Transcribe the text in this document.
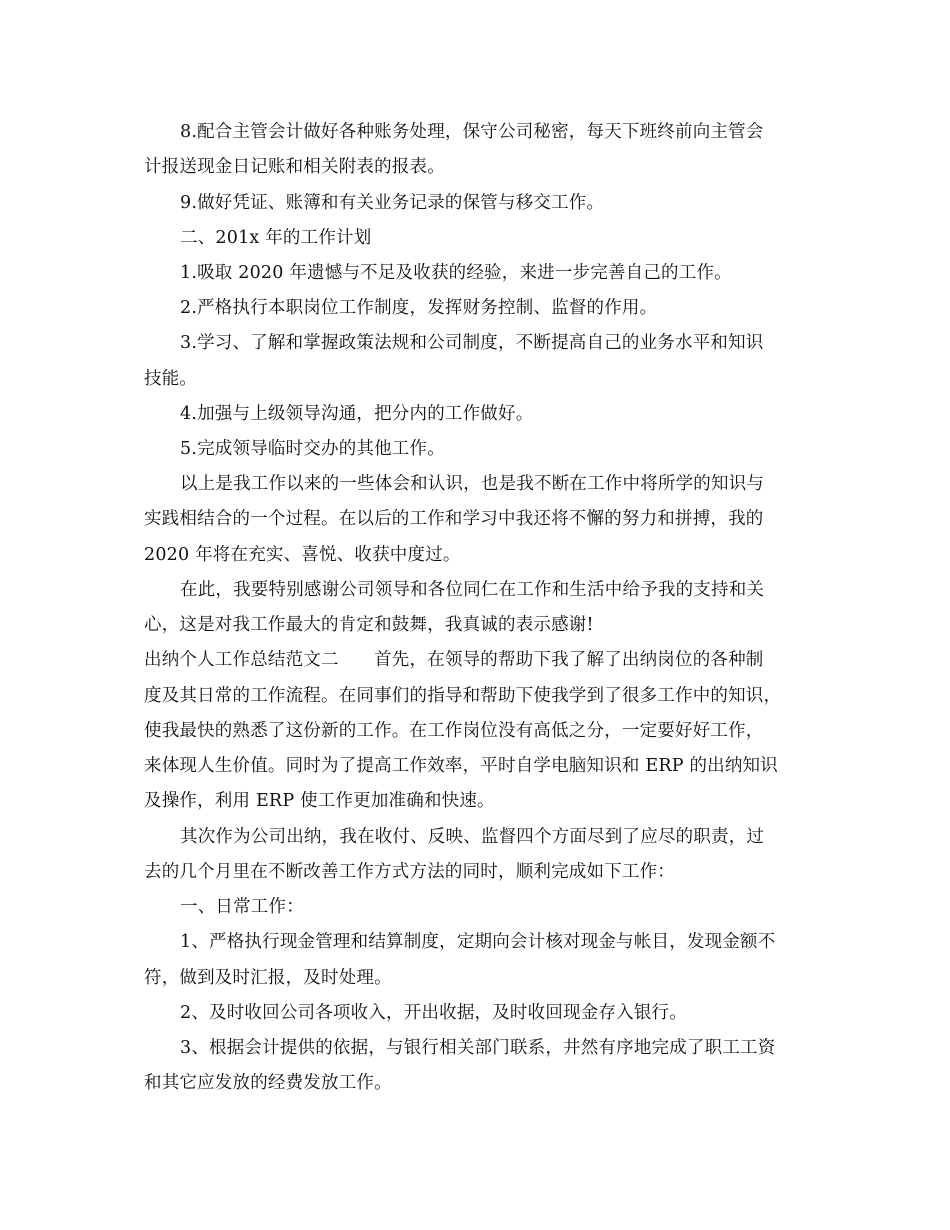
8.配合主管会计做好各种账务处理，保守公司秘密，每天下班终前向主管会
计报送现金日记账和相关附表的报表。
9.做好凭证、账簿和有关业务记录的保管与移交工作。
二、201x 年的工作计划
1.吸取 2020 年遗憾与不足及收获的经验，来进一步完善自己的工作。
2.严格执行本职岗位工作制度，发挥财务控制、监督的作用。
3.学习、了解和掌握政策法规和公司制度，不断提高自己的业务水平和知识
技能。
4.加强与上级领导沟通，把分内的工作做好。
5.完成领导临时交办的其他工作。
以上是我工作以来的一些体会和认识，也是我不断在工作中将所学的知识与
实践相结合的一个过程。在以后的工作和学习中我还将不懈的努力和拼搏，我的
2020 年将在充实、喜悦、收获中度过。
在此，我要特别感谢公司领导和各位同仁在工作和生活中给予我的支持和关
心，这是对我工作最大的肯定和鼓舞，我真诚的表示感谢!
出纳个人工作总结范文二　　首先，在领导的帮助下我了解了出纳岗位的各种制
度及其日常的工作流程。在同事们的指导和帮助下使我学到了很多工作中的知识，
使我最快的熟悉了这份新的工作。在工作岗位没有高低之分，一定要好好工作，
来体现人生价值。同时为了提高工作效率，平时自学电脑知识和 ERP 的出纳知识
及操作，利用 ERP 使工作更加准确和快速。
其次作为公司出纳，我在收付、反映、监督四个方面尽到了应尽的职责，过
去的几个月里在不断改善工作方式方法的同时，顺利完成如下工作：
一、日常工作：
1、严格执行现金管理和结算制度，定期向会计核对现金与帐目，发现金额不
符，做到及时汇报，及时处理。
2、及时收回公司各项收入，开出收据，及时收回现金存入银行。
3、根据会计提供的依据，与银行相关部门联系，井然有序地完成了职工工资
和其它应发放的经费发放工作。
